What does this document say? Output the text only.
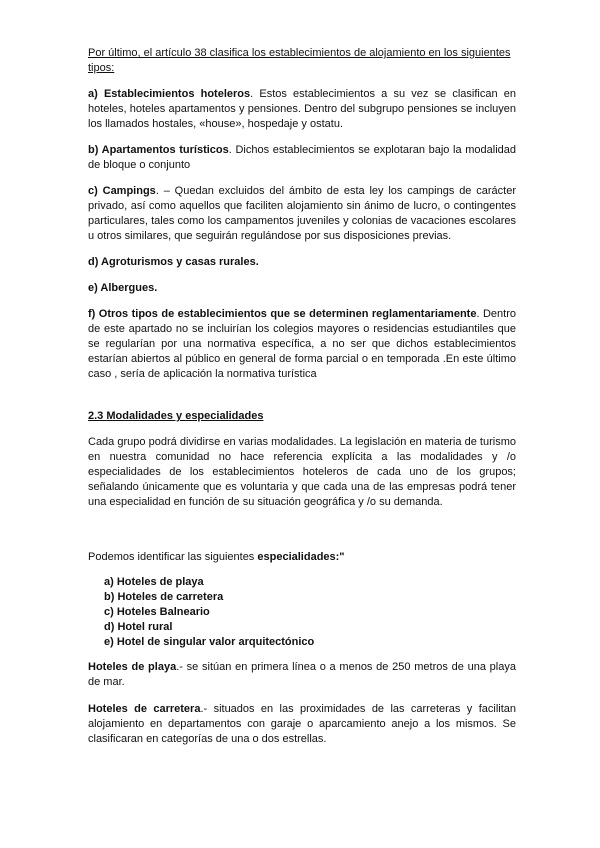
Por último, el artículo 38 clasifica los establecimientos de alojamiento en los siguientes tipos:

a) Establecimientos hoteleros. Estos establecimientos a su vez se clasifican en hoteles, hoteles apartamentos y pensiones. Dentro del subgrupo pensiones se incluyen los llamados hostales, «house», hospedaje y ostatu.

b) Apartamentos turísticos. Dichos establecimientos se explotaran bajo la modalidad de bloque o conjunto

c) Campings. – Quedan excluidos del ámbito de esta ley los campings de carácter privado, así como aquellos que faciliten alojamiento sin ánimo de lucro, o contingentes particulares, tales como los campamentos juveniles y colonias de vacaciones escolares u otros similares, que seguirán regulándose por sus disposiciones previas.

d) Agroturismos y casas rurales.

e) Albergues.

f) Otros tipos de establecimientos que se determinen reglamentariamente. Dentro de este apartado no se incluirían los colegios mayores o residencias estudiantiles que se regularían por una normativa específica, a no ser que dichos establecimientos estarían abiertos al público en general de forma parcial o en temporada .En este último caso , sería de aplicación la normativa turística

2.3 Modalidades y especialidades

Cada grupo podrá dividirse en varias modalidades. La legislación en materia de turismo en nuestra comunidad no hace referencia explícita a las modalidades y /o especialidades de los establecimientos hoteleros de cada uno de los grupos; señalando únicamente que es voluntaria y que cada una de las empresas podrá tener una especialidad en función de su situación geográfica y /o su demanda.

Podemos identificar las siguientes especialidades:"

a) Hoteles de playa
b) Hoteles de carretera
c) Hoteles Balneario
d) Hotel rural
e) Hotel de singular valor arquitectónico

Hoteles de playa.- se sitúan en primera línea o a menos de 250 metros de una playa de mar.

Hoteles de carretera.- situados en las proximidades de las carreteras y facilitan alojamiento en departamentos con garaje o aparcamiento anejo a los mismos. Se clasificaran en categorías de una o dos estrellas.
